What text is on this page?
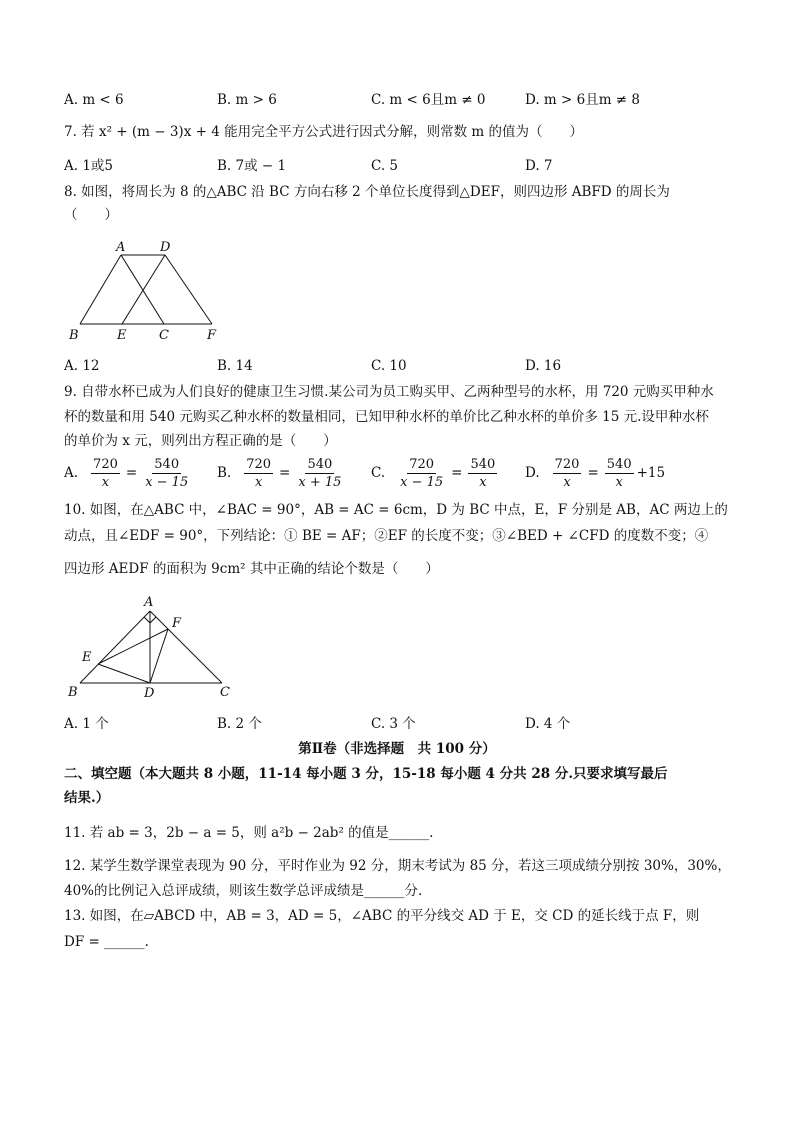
A. m < 6	B. m > 6	C. m < 6且m ≠ 0	D. m > 6且m ≠ 8
7. 若 x² + (m − 3)x + 4 能用完全平方公式进行因式分解，则常数 m 的值为（　　）
A. 1或5	B. 7或 − 1	C. 5	D. 7
8. 如图，将周长为 8 的△ABC 沿 BC 方向右移 2 个单位长度得到△DEF，则四边形 ABFD 的周长为
（　　）
A	D
B	E	C	F
A. 12	B. 14	C. 10	D. 16
9. 自带水杯已成为人们良好的健康卫生习惯.某公司为员工购买甲、乙两种型号的水杯，用 720 元购买甲种水
杯的数量和用 540 元购买乙种水杯的数量相同，已知甲种水杯的单价比乙种水杯的单价多 15 元.设甲种水杯
的单价为 x 元，则列出方程正确的是（　　）
A. $\frac{720}{x} = \frac{540}{x - 15} B$. $\frac{720}{x} = \frac{540}{x + 15} C$. $\frac{720}{x - 15} = \frac{540}{x} D$. $\frac{720}{x} = \frac{540}{x} +15$
10. 如图，在△ABC 中，∠BAC = 90°，AB = AC = 6cm，D 为 BC 中点，E，F 分别是 AB，AC 两边上的
动点，且∠EDF = 90°，下列结论：① BE = AF；②EF 的长度不变；③∠BED + ∠CFD 的度数不变；④
四边形 AEDF 的面积为 9cm² 其中正确的结论个数是（　　）
A
F
E
B	D	C
A. 1 个	B. 2 个	C. 3 个	D. 4 个
第Ⅱ卷（非选择题　共 100 分）
二、填空题（本大题共 8 小题，11-14 每小题 3 分，15-18 每小题 4 分共 28 分.只要求填写最后
结果.）
11. 若 ab = 3，2b − a = 5，则 a²b − 2ab² 的值是______.
12. 某学生数学课堂表现为 90 分，平时作业为 92 分，期末考试为 85 分，若这三项成绩分别按 30%，30%，
40%的比例记入总评成绩，则该生数学总评成绩是______分.
13. 如图，在▱ABCD 中，AB = 3，AD = 5，∠ABC 的平分线交 AD 于 E，交 CD 的延长线于点 F，则
DF = ______.
